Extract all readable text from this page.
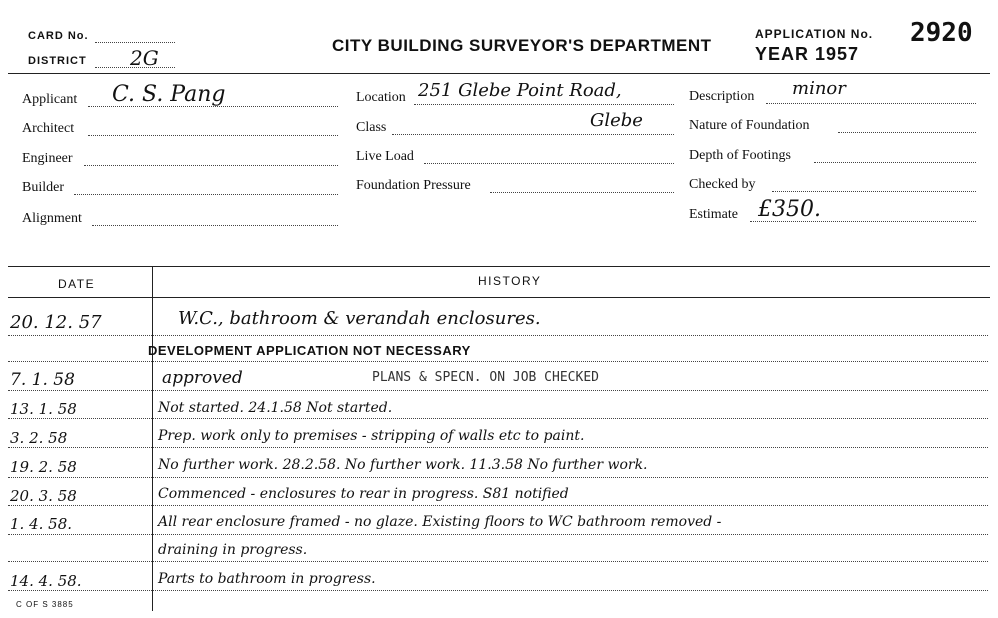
CARD No.
DISTRICT 2G
CITY BUILDING SURVEYOR'S DEPARTMENT
APPLICATION No. 2920
YEAR 1957
Applicant C. S. Pang
Architect
Engineer
Builder
Alignment
Location 251 Glebe Point Road,
Class	Glebe
Live Load
Foundation Pressure
Description minor
Nature of Foundation
Depth of Footings
Checked by
Estimate £350.
DATE	HISTORY
20. 12. 57	W.C., bathroom & verandah enclosures.
DEVELOPMENT APPLICATION NOT NECESSARY
7. 1. 58	approved	PLANS & SPECN. ON JOB CHECKED
13. 1. 58	Not started. 24.1.58 Not started.
3. 2. 58	Prep. work only to premises - stripping of walls etc to paint.
19. 2. 58	No further work. 28.2.58. No further work. 11.3.58 No further work.
20. 3. 58	Commenced - enclosures to rear in progress. S81 notified
1. 4. 58.	All rear enclosure framed - no glaze. Existing floors to WC bathroom removed -
draining in progress.
14. 4. 58.	Parts to bathroom in progress.
C OF S 3885
